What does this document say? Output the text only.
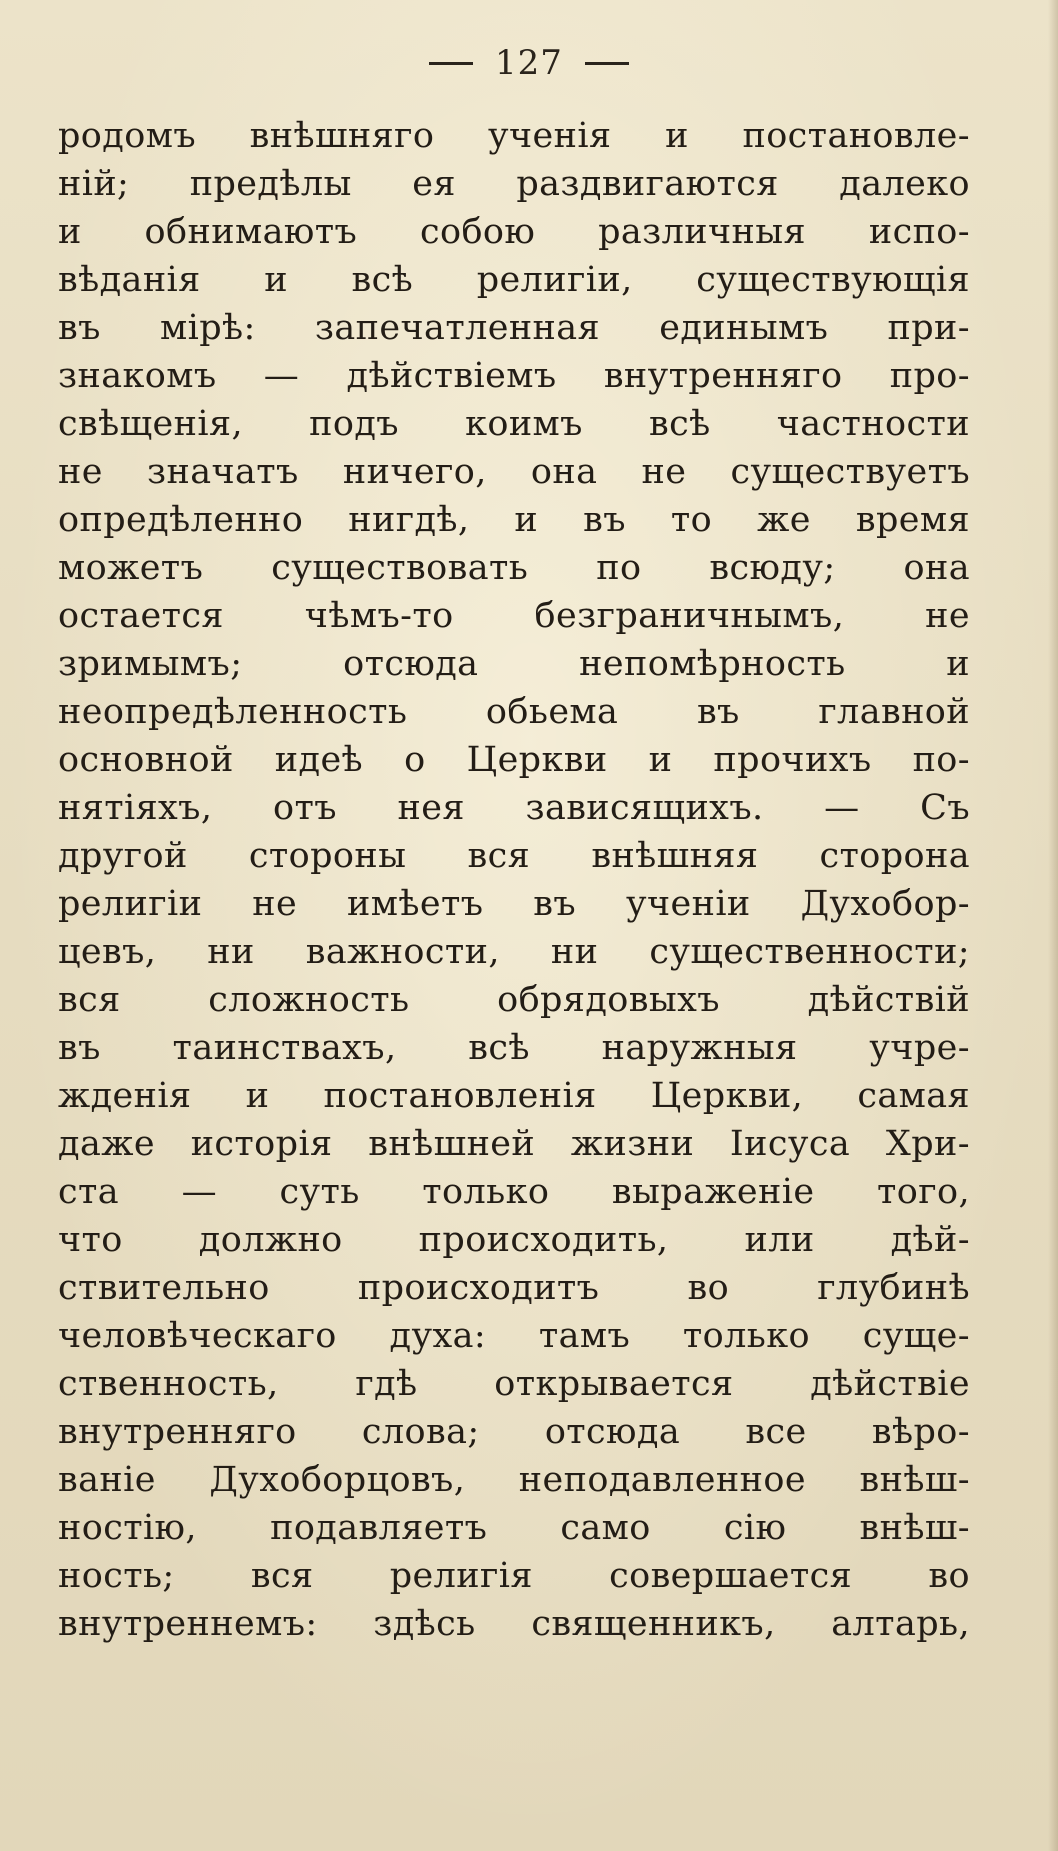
127
родомъ внѣшняго ученія и постановле-
ній; предѣлы ея раздвигаются далеко
и обнимаютъ собою различныя испо-
вѣданія и всѣ религіи, существующія
въ мірѣ: запечатленная единымъ при-
знакомъ — дѣйствіемъ внутренняго про-
свѣщенія, подъ коимъ всѣ частности
не значатъ ничего, она не существуетъ
опредѣленно нигдѣ, и въ то же время
можетъ существовать по всюду; она
остается чѣмъ-то безграничнымъ, не
зримымъ; отсюда непомѣрность и
неопредѣленность обьема въ главной
основной идеѣ о Церкви и прочихъ по-
нятіяхъ, отъ нея зависящихъ. — Съ
другой стороны вся внѣшняя сторона
религіи не имѣетъ въ ученіи Духобор-
цевъ, ни важности, ни существенности;
вся сложность обрядовыхъ дѣйствій
въ таинствахъ, всѣ наружныя учре-
жденія и постановленія Церкви, самая
даже исторія внѣшней жизни Іисуса Хри-
ста — суть только выраженіе того,
что должно происходить, или дѣй-
ствительно происходитъ во глубинѣ
человѣческаго духа: тамъ только суще-
ственность, гдѣ открывается дѣйствіе
внутренняго слова; отсюда все вѣро-
ваніе Духоборцовъ, неподавленное внѣш-
ностію, подавляетъ само сію внѣш-
ность; вся религія совершается во
внутреннемъ: здѣсь священникъ, алтарь,
